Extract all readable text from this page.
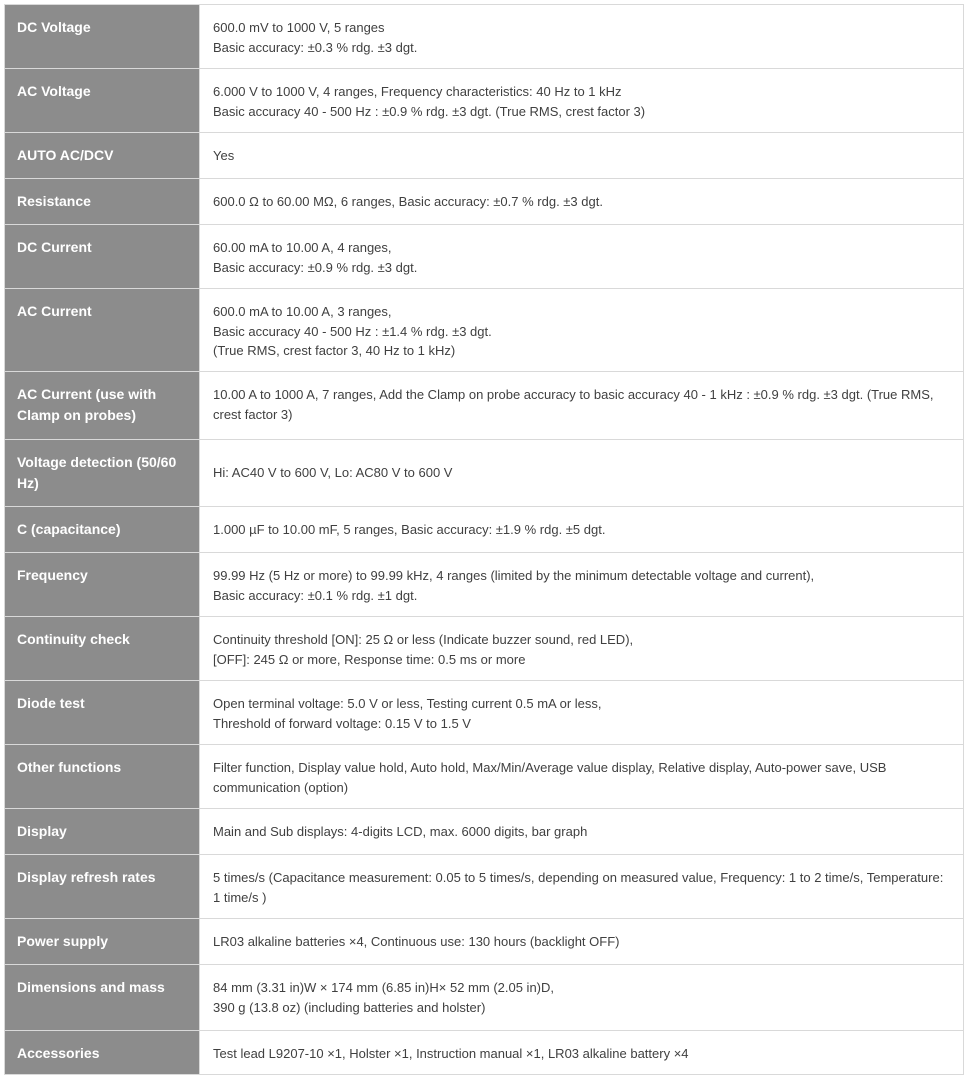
DC Voltage	600.0 mV to 1000 V, 5 ranges
Basic accuracy: ±0.3 % rdg. ±3 dgt.

AC Voltage	6.000 V to 1000 V, 4 ranges, Frequency characteristics: 40 Hz to 1 kHz
Basic accuracy 40 - 500 Hz : ±0.9 % rdg. ±3 dgt. (True RMS, crest factor 3)

AUTO AC/DCV	Yes

Resistance	600.0 Ω to 60.00 MΩ, 6 ranges, Basic accuracy: ±0.7 % rdg. ±3 dgt.

DC Current	60.00 mA to 10.00 A, 4 ranges,
Basic accuracy: ±0.9 % rdg. ±3 dgt.

AC Current	600.0 mA to 10.00 A, 3 ranges,
Basic accuracy 40 - 500 Hz : ±1.4 % rdg. ±3 dgt.
(True RMS, crest factor 3, 40 Hz to 1 kHz)

AC Current (use with Clamp on probes)	10.00 A to 1000 A, 7 ranges, Add the Clamp on probe accuracy to basic accuracy 40 - 1 kHz : ±0.9 % rdg. ±3 dgt. (True RMS, crest factor 3)

Voltage detection (50/60 Hz)	Hi: AC40 V to 600 V, Lo: AC80 V to 600 V

C (capacitance)	1.000 µF to 10.00 mF, 5 ranges, Basic accuracy: ±1.9 % rdg. ±5 dgt.

Frequency	99.99 Hz (5 Hz or more) to 99.99 kHz, 4 ranges (limited by the minimum detectable voltage and current),
Basic accuracy: ±0.1 % rdg. ±1 dgt.

Continuity check	Continuity threshold [ON]: 25 Ω or less (Indicate buzzer sound, red LED),
[OFF]: 245 Ω or more, Response time: 0.5 ms or more

Diode test	Open terminal voltage: 5.0 V or less, Testing current 0.5 mA or less,
Threshold of forward voltage: 0.15 V to 1.5 V

Other functions	Filter function, Display value hold, Auto hold, Max/Min/Average value display, Relative display, Auto-power save, USB communication (option)

Display	Main and Sub displays: 4-digits LCD, max. 6000 digits, bar graph

Display refresh rates	5 times/s (Capacitance measurement: 0.05 to 5 times/s, depending on measured value, Frequency: 1 to 2 time/s, Temperature: 1 time/s )

Power supply	LR03 alkaline batteries ×4, Continuous use: 130 hours (backlight OFF)

Dimensions and mass	84 mm (3.31 in)W × 174 mm (6.85 in)H× 52 mm (2.05 in)D,
390 g (13.8 oz) (including batteries and holster)

Accessories	Test lead L9207-10 ×1, Holster ×1, Instruction manual ×1, LR03 alkaline battery ×4
